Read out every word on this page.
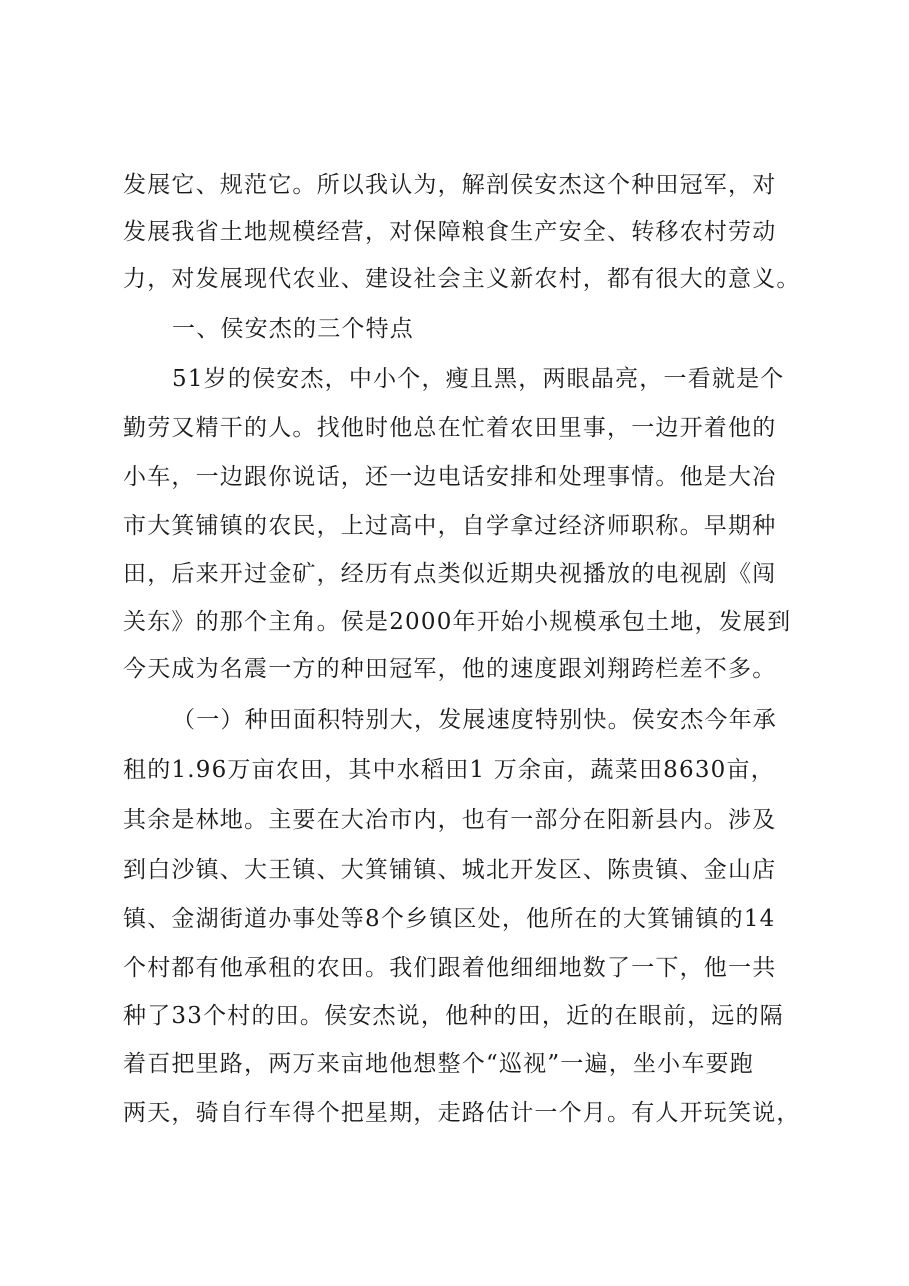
发展它、规范它。所以我认为，解剖侯安杰这个种田冠军，对
发展我省土地规模经营，对保障粮食生产安全、转移农村劳动
力，对发展现代农业、建设社会主义新农村，都有很大的意义。
一、侯安杰的三个特点
51岁的侯安杰，中小个，瘦且黑，两眼晶亮，一看就是个
勤劳又精干的人。找他时他总在忙着农田里事，一边开着他的
小车，一边跟你说话，还一边电话安排和处理事情。他是大冶
市大箕铺镇的农民，上过高中，自学拿过经济师职称。早期种
田，后来开过金矿，经历有点类似近期央视播放的电视剧《闯
关东》的那个主角。侯是2000年开始小规模承包土地，发展到
今天成为名震一方的种田冠军，他的速度跟刘翔跨栏差不多。
（一）种田面积特别大，发展速度特别快。侯安杰今年承
租的1.96万亩农田，其中水稻田1 万余亩，蔬菜田8630亩，
其余是林地。主要在大冶市内，也有一部分在阳新县内。涉及
到白沙镇、大王镇、大箕铺镇、城北开发区、陈贵镇、金山店
镇、金湖街道办事处等8个乡镇区处，他所在的大箕铺镇的14
个村都有他承租的农田。我们跟着他细细地数了一下，他一共
种了33个村的田。侯安杰说，他种的田，近的在眼前，远的隔
着百把里路，两万来亩地他想整个“巡视”一遍，坐小车要跑
两天，骑自行车得个把星期，走路估计一个月。有人开玩笑说，
